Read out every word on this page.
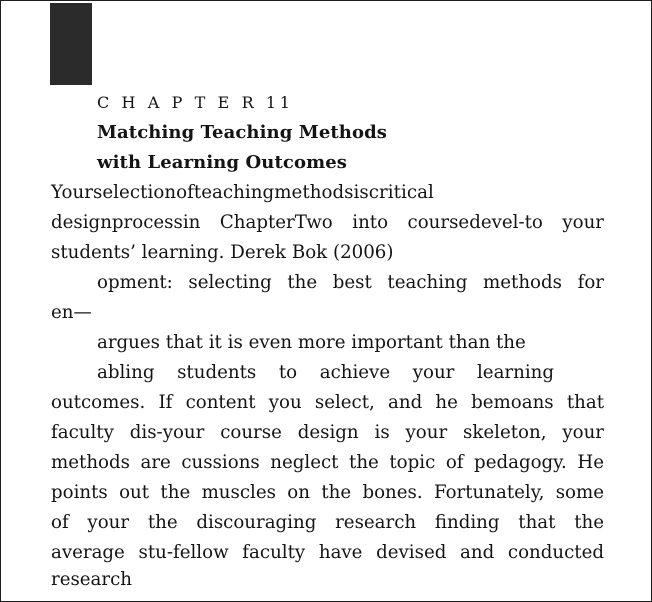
C H A P T E R 11
Matching Teaching Methods
with Learning Outcomes
Yourselectionofteachingmethodsiscritical
designprocessin ChapterTwo into coursedevel-to your
students’ learning. Derek Bok (2006)
opment: selecting the best teaching methods for
en—
argues that it is even more important than the
abling students to achieve your learning
outcomes. If content you select, and he bemoans that
faculty dis-your course design is your skeleton, your
methods are cussions neglect the topic of pedagogy. He
points out the muscles on the bones. Fortunately, some
of your the discouraging research finding that the
average stu-fellow faculty have devised and conducted
research
